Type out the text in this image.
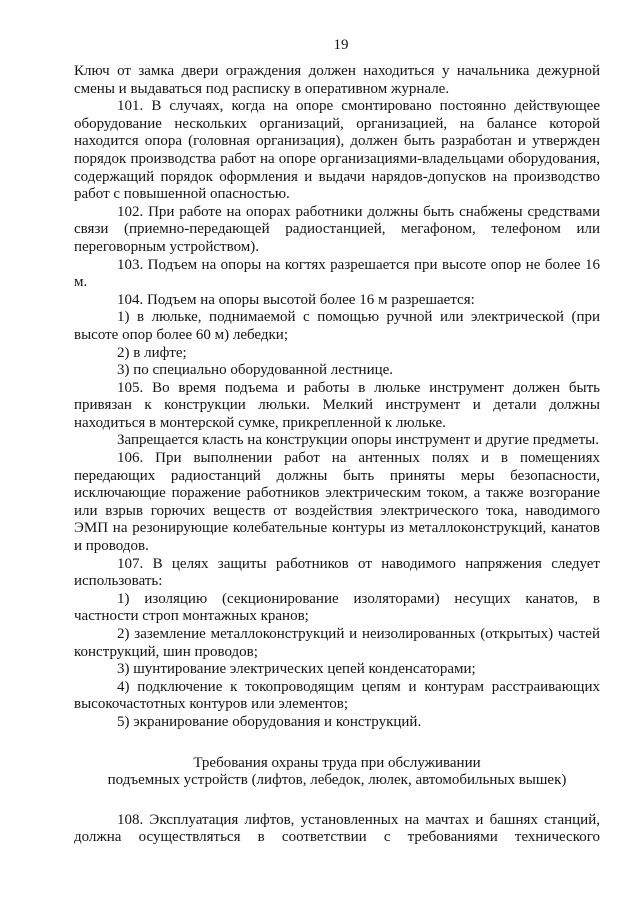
19

Ключ от замка двери ограждения должен находиться у начальника дежурной смены и выдаваться под расписку в оперативном журнале.

101. В случаях, когда на опоре смонтировано постоянно действующее оборудование нескольких организаций, организацией, на балансе которой находится опора (головная организация), должен быть разработан и утвержден порядок производства работ на опоре организациями-владельцами оборудования, содержащий порядок оформления и выдачи нарядов-допусков на производство работ с повышенной опасностью.

102. При работе на опорах работники должны быть снабжены средствами связи (приемно-передающей радиостанцией, мегафоном, телефоном или переговорным устройством).

103. Подъем на опоры на когтях разрешается при высоте опор не более 16 м.

104. Подъем на опоры высотой более 16 м разрешается:

1) в люльке, поднимаемой с помощью ручной или электрической (при высоте опор более 60 м) лебедки;

2) в лифте;

3) по специально оборудованной лестнице.

105. Во время подъема и работы в люльке инструмент должен быть привязан к конструкции люльки. Мелкий инструмент и детали должны находиться в монтерской сумке, прикрепленной к люльке.

Запрещается класть на конструкции опоры инструмент и другие предметы.

106. При выполнении работ на антенных полях и в помещениях передающих радиостанций должны быть приняты меры безопасности, исключающие поражение работников электрическим током, а также возгорание или взрыв горючих веществ от воздействия электрического тока, наводимого ЭМП на резонирующие колебательные контуры из металлоконструкций, канатов и проводов.

107. В целях защиты работников от наводимого напряжения следует использовать:

1) изоляцию (секционирование изоляторами) несущих канатов, в частности строп монтажных кранов;

2) заземление металлоконструкций и неизолированных (открытых) частей конструкций, шин проводов;

3) шунтирование электрических цепей конденсаторами;

4) подключение к токопроводящим цепям и контурам расстраивающих высокочастотных контуров или элементов;

5) экранирование оборудования и конструкций.

Требования охраны труда при обслуживании

подъемных устройств (лифтов, лебедок, люлек, автомобильных вышек)

108. Эксплуатация лифтов, установленных на мачтах и башнях станций, должна осуществляться в соответствии с требованиями технического
